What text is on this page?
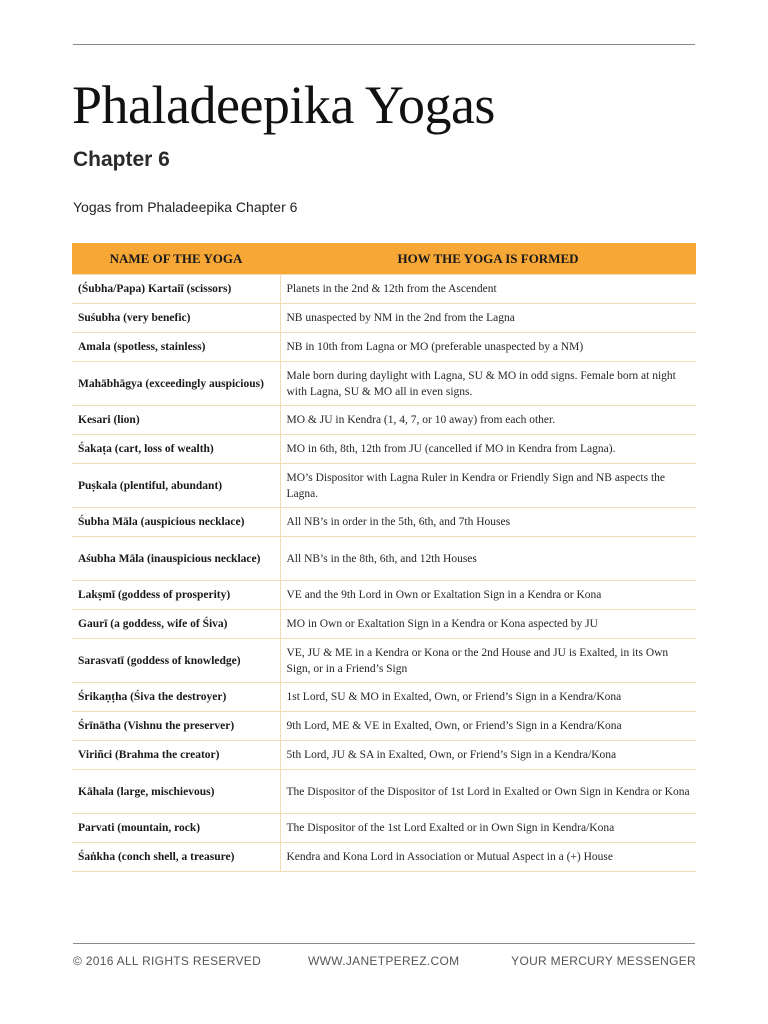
Phaladeepika Yogas
Chapter 6

Yogas from Phaladeepika Chapter 6

NAME OF THE YOGA	HOW THE YOGA IS FORMED
(Śubha/Papa) Kartaiī (scissors)	Planets in the 2nd & 12th from the Ascendent
Suśubha (very benefic)	NB unaspected by NM in the 2nd from the Lagna
Amala (spotless, stainless)	NB in 10th from Lagna or MO (preferable unaspected by a NM)
Mahābhāgya (exceedingly auspicious)	Male born during daylight with Lagna, SU & MO in odd signs. Female born at night with Lagna, SU & MO all in even signs.
Kesari (lion)	MO & JU in Kendra (1, 4, 7, or 10 away) from each other.
Śakaṭa (cart, loss of wealth)	MO in 6th, 8th, 12th from JU (cancelled if MO in Kendra from Lagna).
Puṣkala (plentiful, abundant)	MO’s Dispositor with Lagna Ruler in Kendra or Friendly Sign and NB aspects the Lagna.
Śubha Māla (auspicious necklace)	All NB’s in order in the 5th, 6th, and 7th Houses
Aśubha Māla (inauspicious necklace)	All NB’s in the 8th, 6th, and 12th Houses
Lakṣmī (goddess of prosperity)	VE and the 9th Lord in Own or Exaltation Sign in a Kendra or Kona
Gaurī (a goddess, wife of Śiva)	MO in Own or Exaltation Sign in a Kendra or Kona aspected by JU
Sarasvatī (goddess of knowledge)	VE, JU & ME in a Kendra or Kona or the 2nd House and JU is Exalted, in its Own Sign, or in a Friend’s Sign
Śrikaṇṭha (Śiva the destroyer)	1st Lord, SU & MO in Exalted, Own, or Friend’s Sign in a Kendra/Kona
Śrīnātha (Vishnu the preserver)	9th Lord, ME & VE in Exalted, Own, or Friend’s Sign in a Kendra/Kona
Viriñci (Brahma the creator)	5th Lord, JU & SA in Exalted, Own, or Friend’s Sign in a Kendra/Kona
Kāhala (large, mischievous)	The Dispositor of the Dispositor of 1st Lord in Exalted or Own Sign in Kendra or Kona
Parvati (mountain, rock)	The Dispositor of the 1st Lord Exalted or in Own Sign in Kendra/Kona
Śaṅkha (conch shell, a treasure)	Kendra and Kona Lord in Association or Mutual Aspect in a (+) House
© 2016 ALL RIGHTS RESERVED	WWW.JANETPEREZ.COM	YOUR MERCURY MESSENGER
